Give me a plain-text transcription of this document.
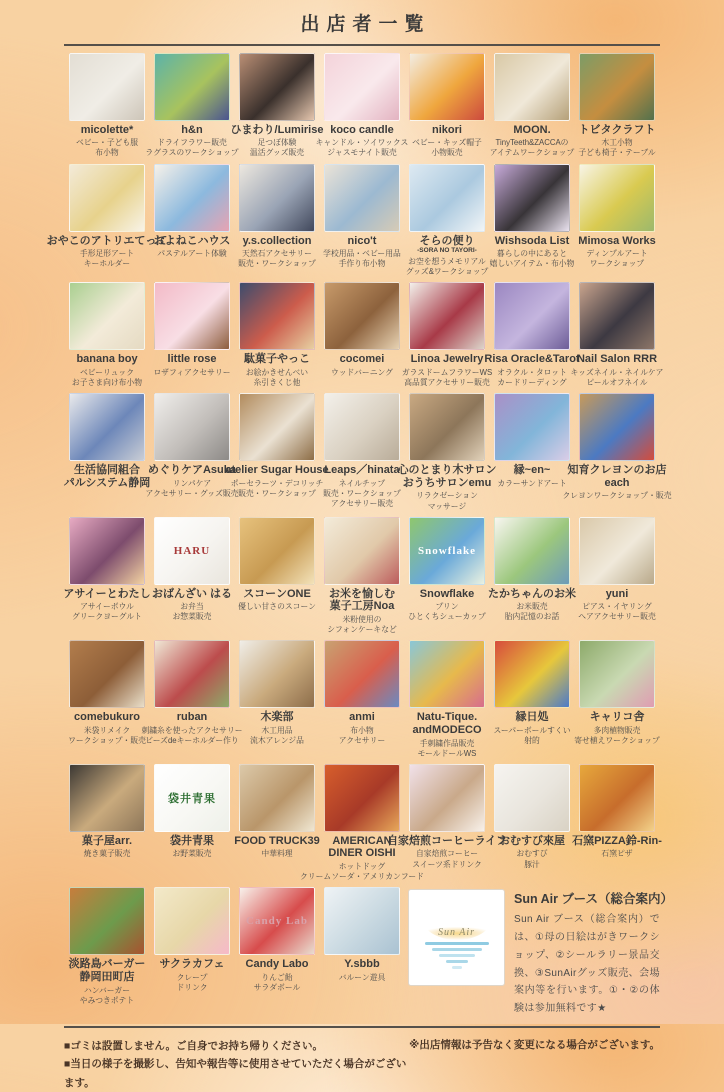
出店者一覧
micolette*
ベビー・子ども服
布小物
h&n
ドライフラワー販売
ラグラスのワークショップ
ひまわり/Lumirise
足つぼ体験
温活グッズ販売
koco candle
キャンドル・ソイワックス
ジャスモナイト販売
nikori
ベビー・キッズ帽子
小物販売
MOON.
TinyTeeth&ZACCAの
アイテムワークショップ
トビタクラフト
木工小物
子ども椅子・テーブル
おやこのアトリエてって
手形足形アート
キーホルダー
およねこハウス
パステルアート体験
y.s.collection
天然石アクセサリー
販売・ワークショップ
nico't
学校用品・ベビー用品
手作り布小物
そらの便り
-SORA NO TAYORI-
お空を想うメモリアル
グッズ&ワークショップ
Wishsoda List
暮らしの中にあると
嬉しいアイテム・布小物
Mimosa Works
ディンプルアート
ワークショップ
banana boy
ベビーリュック
お子さま向け布小物
little rose
ロザフィアクセサリー
駄菓子やっこ
お絵かきせんべい
糸引きくじ他
cocomei
ウッドバーニング
Linoa Jewelry
ガラスドームフラワーWS
高品質アクセサリー販売
Risa Oracle&Tarot
オラクル・タロット
カードリーディング
Nail Salon RRR
キッズネイル・ネイルケア
ピールオフネイル
生活協同組合
パルシステム静岡
めぐりケアAsuka
リンパケア
アクセサリー・グッズ販売
atelier Sugar House
ポーセラーツ・デコリッチ
販売・ワークショップ
Leaps／hinata
ネイルチップ
販売・ワークショップ
アクセサリー販売
心のとまり木サロン
おうちサロンemu
リラクゼーション
マッサージ
縁~en~
カラーサンドアート
知育クレヨンのお店
each
クレヨンワークショップ・販売
アサイーとわたし
アサイーボウル
グリークヨーグルト
HARU
おばんざい はる
お弁当
お惣菜販売
スコーンONE
優しい甘さのスコーン
お米を愉しむ
菓子工房Noa
米粉使用の
シフォンケーキなど
Snowflake
Snowflake
プリン
ひとくちシューカップ
たかちゃんのお米
お米販売
胎内記憶のお話
yuni
ピアス・イヤリング
ヘアアクセサリー販売
comebukuro
米袋リメイク
ワークショップ・販売
ruban
刺繍糸を使ったアクセサリー
ビーズdeキーホルダー作り
木楽部
木工用品
流木アレンジ品
anmi
布小物
アクセサリー
Natu-Tique.
andMODECO
手刺繍作品販売
モールドールWS
縁日処
スーパーボールすくい
射的
キャリコ舎
多肉植物販売
寄せ植えワークショップ
菓子屋arr.
焼き菓子販売
袋井青果
袋井青果
お野菜販売
FOOD TRUCK39
中華料理
AMERICAN
DINER OISHI
ホットドッグ
クリームソーダ・アメリカンフード
自家焙煎コーヒーライフ
自家焙煎コーヒー
スイーツ系ドリンク
おむすび來屋
おむすび
豚汁
石窯PIZZA鈴-Rin-
石窯ピザ
淡路島バーガー
静岡田町店
ハンバーガー
やみつきポテト
サクラカフェ
クレープ
ドリンク
Candy Lab
Candy Labo
りんご飴
サラダボール
Y.sbbb
バルーン遊具
Sun Air
Sun Air ブース（総合案内）
Sun Air ブース（総合案内）では、①母の日絵はがきワークショップ、②シールラリー景品交換、③SunAirグッズ販売、会場案内等を行います。①・②の体験は参加無料です★
■ゴミは設置しません。ご自身でお持ち帰りください。
■当日の様子を撮影し、告知や報告等に使用させていただく場合がございます。
※出店情報は予告なく変更になる場合がございます。
